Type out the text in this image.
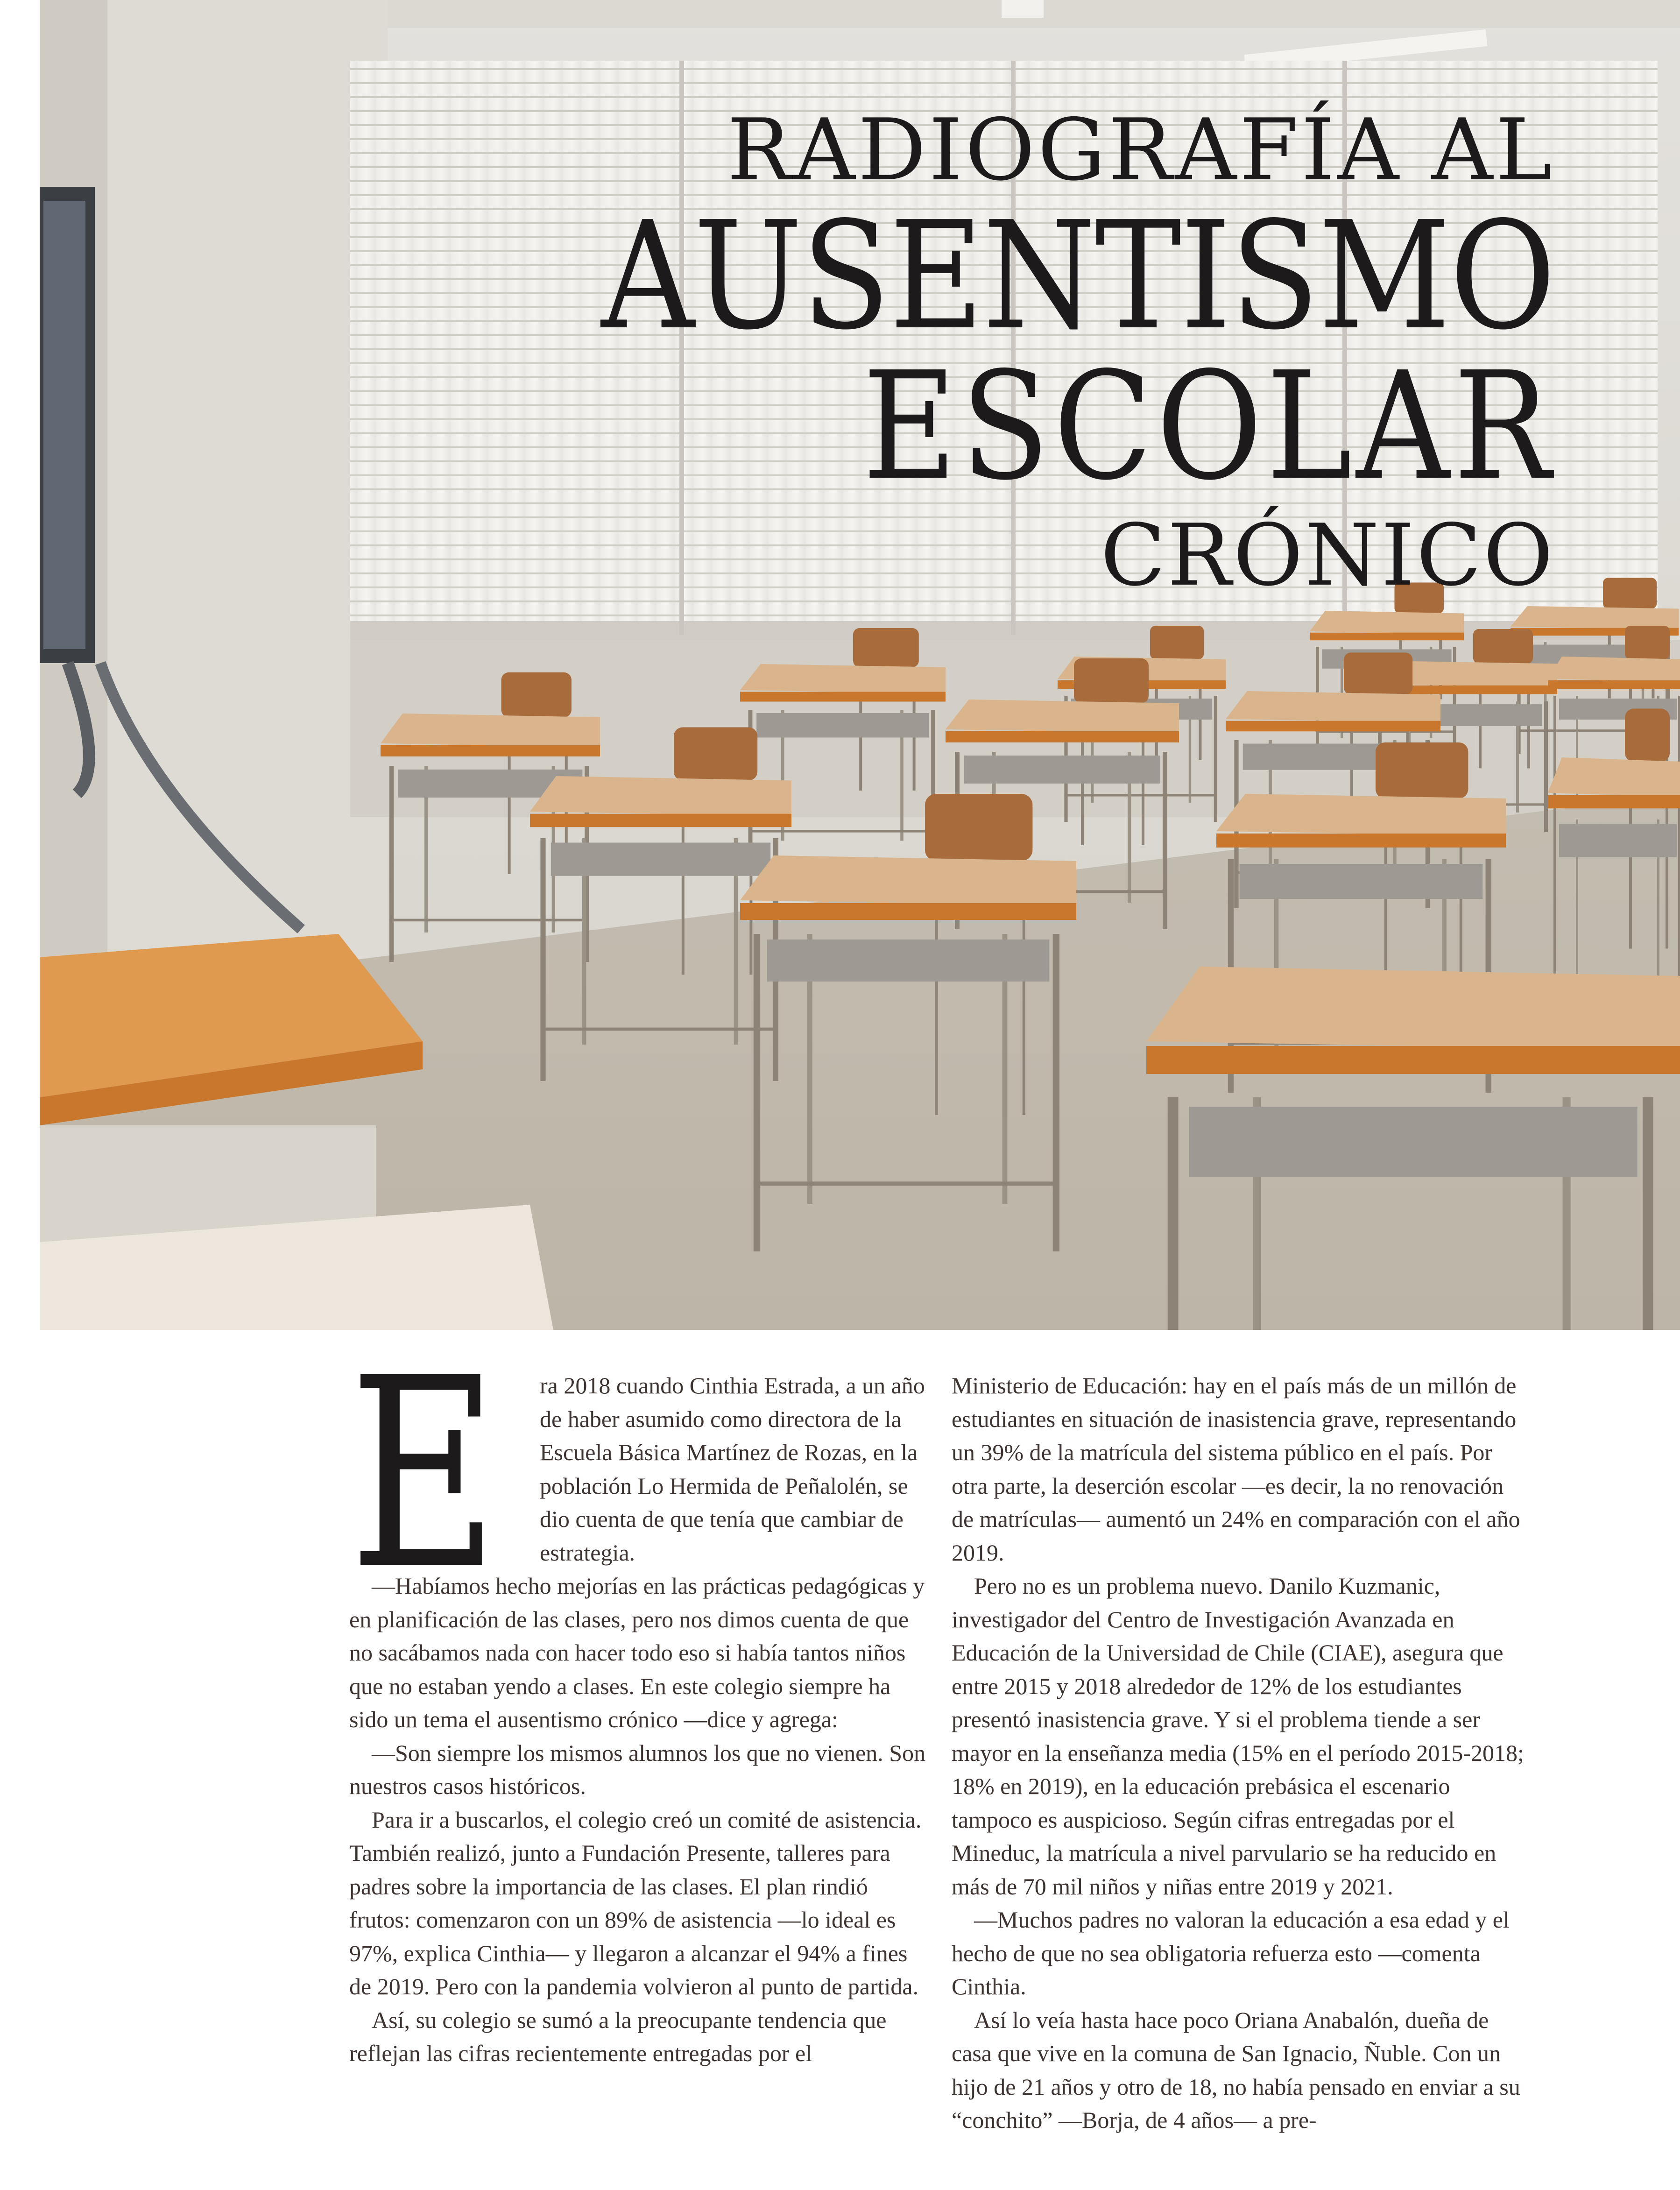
RADIOGRAFÍA AL
AUSENTISMO
ESCOLAR
CRÓNICO

E ra 2018 cuando Cinthia Estrada, a un año de haber asumido como directora de la Escuela Básica Martínez de Rozas, en la población Lo Hermida de Peñalolén, se dio cuenta de que tenía que cambiar de estrategia.

—Habíamos hecho mejorías en las prácticas pedagógicas y en planificación de las clases, pero nos dimos cuenta de que no sacábamos nada con hacer todo eso si había tantos niños que no estaban yendo a clases. En este colegio siempre ha sido un tema el ausentismo crónico —dice y agrega:

—Son siempre los mismos alumnos los que no vienen. Son nuestros casos históricos.

Para ir a buscarlos, el colegio creó un comité de asistencia. También realizó, junto a Fundación Presente, talleres para padres sobre la importancia de las clases. El plan rindió frutos: comenzaron con un 89% de asistencia —lo ideal es 97%, explica Cinthia— y llegaron a alcanzar el 94% a fines de 2019. Pero con la pandemia volvieron al punto de partida.

Así, su colegio se sumó a la preocupante tendencia que reflejan las cifras recientemente entregadas por el

Ministerio de Educación: hay en el país más de un millón de estudiantes en situación de inasistencia grave, representando un 39% de la matrícula del sistema público en el país. Por otra parte, la deserción escolar —es decir, la no renovación de matrículas— aumentó un 24% en comparación con el año 2019.

Pero no es un problema nuevo. Danilo Kuzmanic, investigador del Centro de Investigación Avanzada en Educación de la Universidad de Chile (CIAE), asegura que entre 2015 y 2018 alrededor de 12% de los estudiantes presentó inasistencia grave. Y si el problema tiende a ser mayor en la enseñanza media (15% en el período 2015-2018; 18% en 2019), en la educación prebásica el escenario tampoco es auspicioso. Según cifras entregadas por el Mineduc, la matrícula a nivel parvulario se ha reducido en más de 70 mil niños y niñas entre 2019 y 2021.

—Muchos padres no valoran la educación a esa edad y el hecho de que no sea obligatoria refuerza esto —comenta Cinthia.

Así lo veía hasta hace poco Oriana Anabalón, dueña de casa que vive en la comuna de San Ignacio, Ñuble. Con un hijo de 21 años y otro de 18, no había pensado en enviar a su “conchito” —Borja, de 4 años— a pre-
